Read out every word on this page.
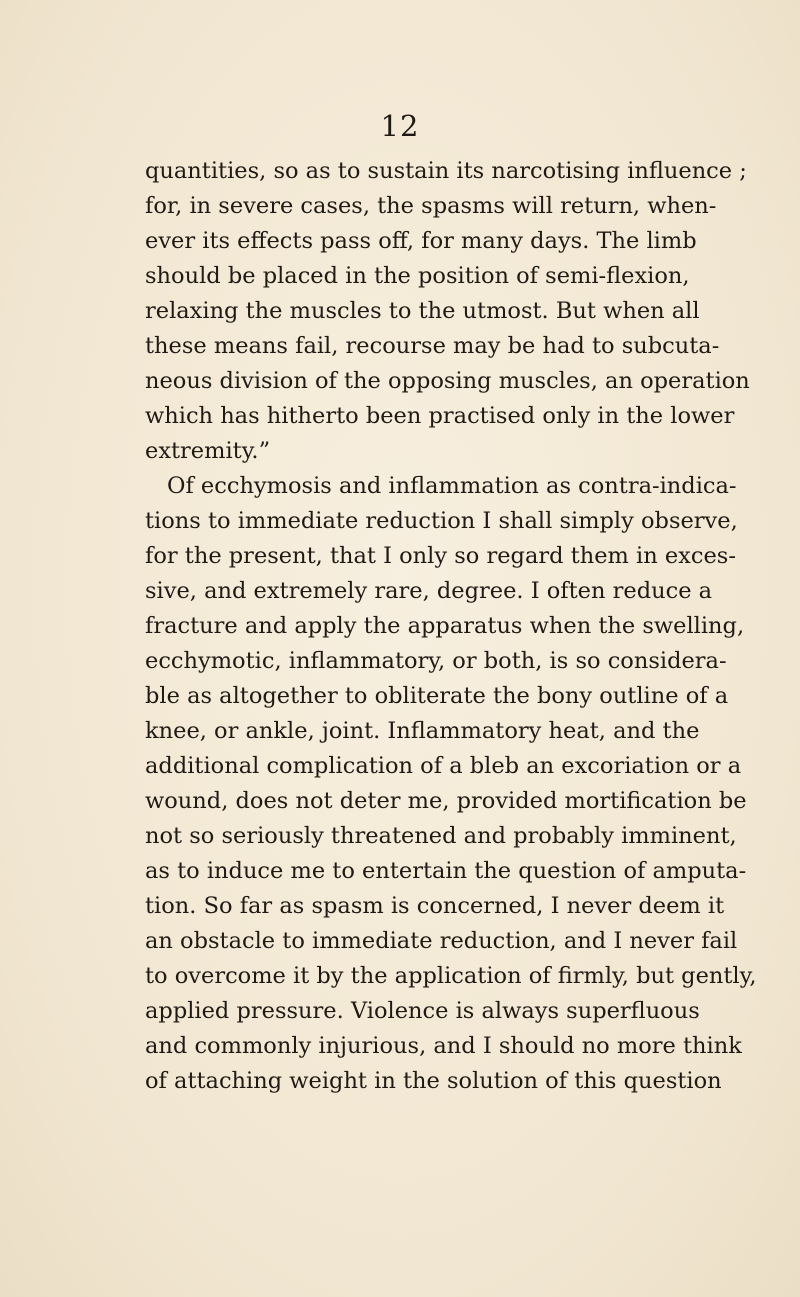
12
quantities, so as to sustain its narcotising influence ;
for, in severe cases, the spasms will return, when-
ever its effects pass off, for many days. The limb
should be placed in the position of semi-flexion,
relaxing the muscles to the utmost. But when all
these means fail, recourse may be had to subcuta-
neous division of the opposing muscles, an operation
which has hitherto been practised only in the lower
extremity.”
Of ecchymosis and inflammation as contra-indica-
tions to immediate reduction I shall simply observe,
for the present, that I only so regard them in exces-
sive, and extremely rare, degree. I often reduce a
fracture and apply the apparatus when the swelling,
ecchymotic, inflammatory, or both, is so considera-
ble as altogether to obliterate the bony outline of a
knee, or ankle, joint. Inflammatory heat, and the
additional complication of a bleb an excoriation or a
wound, does not deter me, provided mortification be
not so seriously threatened and probably imminent,
as to induce me to entertain the question of amputa-
tion. So far as spasm is concerned, I never deem it
an obstacle to immediate reduction, and I never fail
to overcome it by the application of firmly, but gently,
applied pressure. Violence is always superfluous
and commonly injurious, and I should no more think
of attaching weight in the solution of this question
